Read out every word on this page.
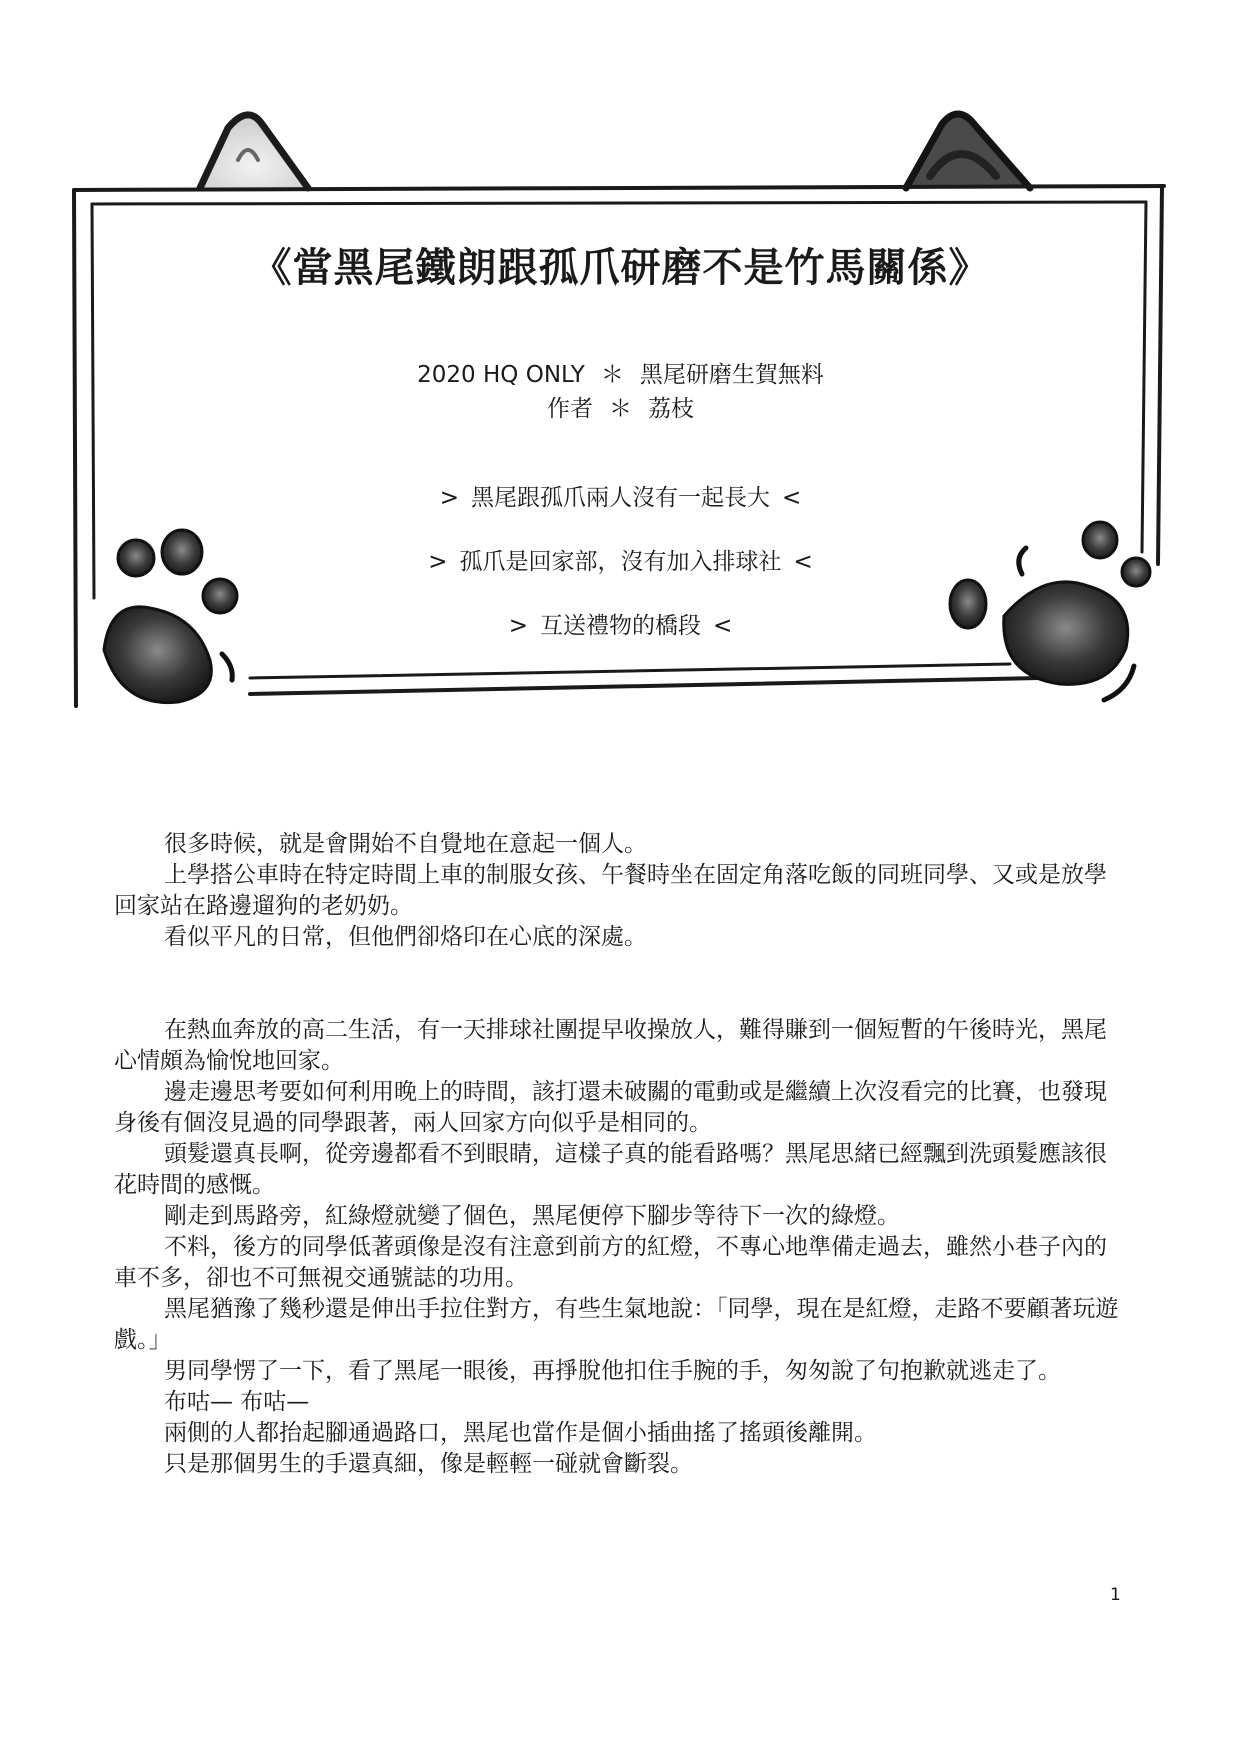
《當黑尾鐵朗跟孤爪研磨不是竹馬關係》
2020 HQ ONLY ＊ 黑尾研磨生賀無料
作者 ＊ 荔枝
> 黑尾跟孤爪兩人沒有一起長大 <
> 孤爪是回家部，沒有加入排球社 <
> 互送禮物的橋段 <

很多時候，就是會開始不自覺地在意起一個人。

上學搭公車時在特定時間上車的制服女孩、午餐時坐在固定角落吃飯的同班同學、又或是放學回家站在路邊遛狗的老奶奶。

看似平凡的日常，但他們卻烙印在心底的深處。

在熱血奔放的高二生活，有一天排球社團提早收操放人，難得賺到一個短暫的午後時光，黑尾心情頗為愉悅地回家。

邊走邊思考要如何利用晚上的時間，該打還未破關的電動或是繼續上次沒看完的比賽，也發現身後有個沒見過的同學跟著，兩人回家方向似乎是相同的。

頭髮還真長啊，從旁邊都看不到眼睛，這樣子真的能看路嗎？黑尾思緒已經飄到洗頭髮應該很花時間的感慨。

剛走到馬路旁，紅綠燈就變了個色，黑尾便停下腳步等待下一次的綠燈。

不料，後方的同學低著頭像是沒有注意到前方的紅燈，不專心地準備走過去，雖然小巷子內的車不多，卻也不可無視交通號誌的功用。

黑尾猶豫了幾秒還是伸出手拉住對方，有些生氣地說：「同學，現在是紅燈，走路不要顧著玩遊戲。」

男同學愣了一下，看了黑尾一眼後，再掙脫他扣住手腕的手，匆匆說了句抱歉就逃走了。

布咕— 布咕—

兩側的人都抬起腳通過路口，黑尾也當作是個小插曲搖了搖頭後離開。

只是那個男生的手還真細，像是輕輕一碰就會斷裂。

1
